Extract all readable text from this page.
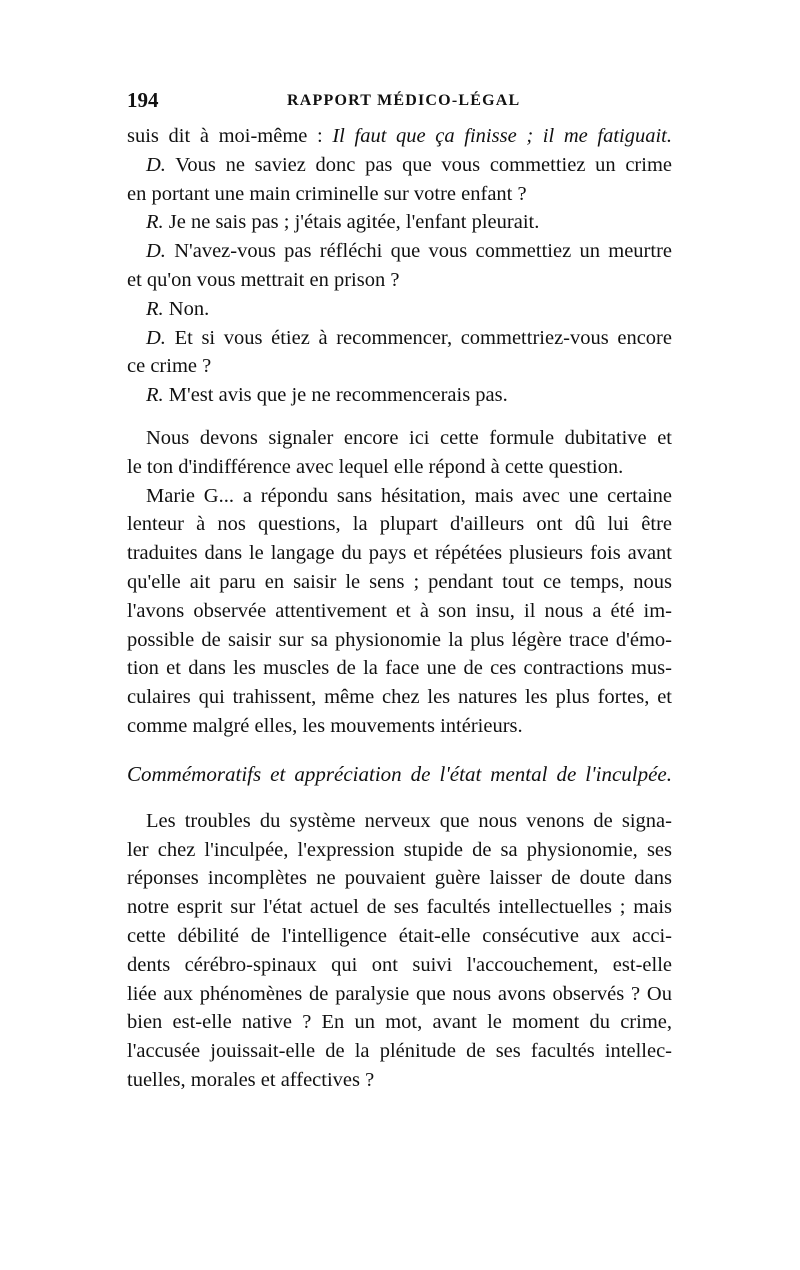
194	RAPPORT MÉDICO-LÉGAL
suis dit à moi-même : Il faut que ça finisse ; il me fatiguait.
D. Vous ne saviez donc pas que vous commettiez un crime
en portant une main criminelle sur votre enfant ?
R. Je ne sais pas ; j'étais agitée, l'enfant pleurait.
D. N'avez-vous pas réfléchi que vous commettiez un meurtre
et qu'on vous mettrait en prison ?
R. Non.
D. Et si vous étiez à recommencer, commettriez-vous encore
ce crime ?
R. M'est avis que je ne recommencerais pas.
Nous devons signaler encore ici cette formule dubitative et
le ton d'indifférence avec lequel elle répond à cette question.
Marie G... a répondu sans hésitation, mais avec une certaine
lenteur à nos questions, la plupart d'ailleurs ont dû lui être
traduites dans le langage du pays et répétées plusieurs fois avant
qu'elle ait paru en saisir le sens ; pendant tout ce temps, nous
l'avons observée attentivement et à son insu, il nous a été im-
possible de saisir sur sa physionomie la plus légère trace d'émo-
tion et dans les muscles de la face une de ces contractions mus-
culaires qui trahissent, même chez les natures les plus fortes, et
comme malgré elles, les mouvements intérieurs.
Commémoratifs et appréciation de l'état mental de l'inculpée.
Les troubles du système nerveux que nous venons de signa-
ler chez l'inculpée, l'expression stupide de sa physionomie, ses
réponses incomplètes ne pouvaient guère laisser de doute dans
notre esprit sur l'état actuel de ses facultés intellectuelles ; mais
cette débilité de l'intelligence était-elle consécutive aux acci-
dents cérébro-spinaux qui ont suivi l'accouchement, est-elle
liée aux phénomènes de paralysie que nous avons observés ? Ou
bien est-elle native ? En un mot, avant le moment du crime,
l'accusée jouissait-elle de la plénitude de ses facultés intellec-
tuelles, morales et affectives ?
